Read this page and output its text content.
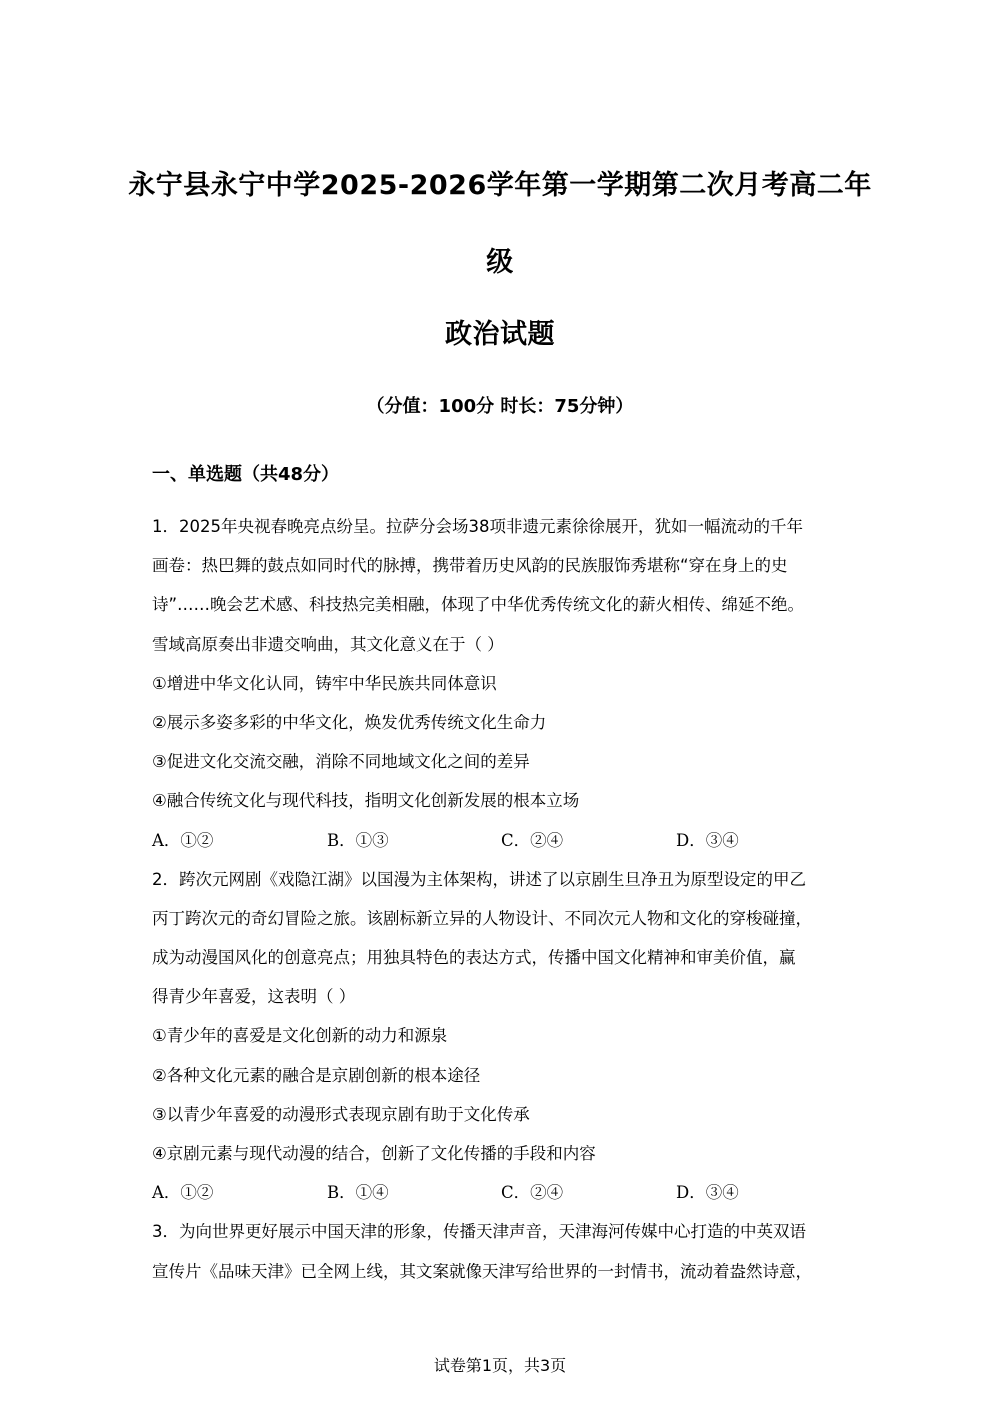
永宁县永宁中学2025-2026学年第一学期第二次月考高二年
级
政治试题
（分值：100分 时长：75分钟）
一、单选题（共48分）
1．2025年央视春晚亮点纷呈。拉萨分会场38项非遗元素徐徐展开，犹如一幅流动的千年
画卷：热巴舞的鼓点如同时代的脉搏，携带着历史风韵的民族服饰秀堪称“穿在身上的史
诗”……晚会艺术感、科技热完美相融，体现了中华优秀传统文化的薪火相传、绵延不绝。
雪域高原奏出非遗交响曲，其文化意义在于（ ）
①增进中华文化认同，铸牢中华民族共同体意识
②展示多姿多彩的中华文化，焕发优秀传统文化生命力
③促进文化交流交融，消除不同地域文化之间的差异
④融合传统文化与现代科技，指明文化创新发展的根本立场
A．①②	B．①③	C．②④	D．③④
2．跨次元网剧《戏隐江湖》以国漫为主体架构，讲述了以京剧生旦净丑为原型设定的甲乙
丙丁跨次元的奇幻冒险之旅。该剧标新立异的人物设计、不同次元人物和文化的穿梭碰撞，
成为动漫国风化的创意亮点；用独具特色的表达方式，传播中国文化精神和审美价值，赢
得青少年喜爱，这表明（ ）
①青少年的喜爱是文化创新的动力和源泉
②各种文化元素的融合是京剧创新的根本途径
③以青少年喜爱的动漫形式表现京剧有助于文化传承
④京剧元素与现代动漫的结合，创新了文化传播的手段和内容
A．①②	B．①④	C．②④	D．③④
3．为向世界更好展示中国天津的形象，传播天津声音，天津海河传媒中心打造的中英双语
宣传片《品味天津》已全网上线，其文案就像天津写给世界的一封情书，流动着盎然诗意，
试卷第1页，共3页
